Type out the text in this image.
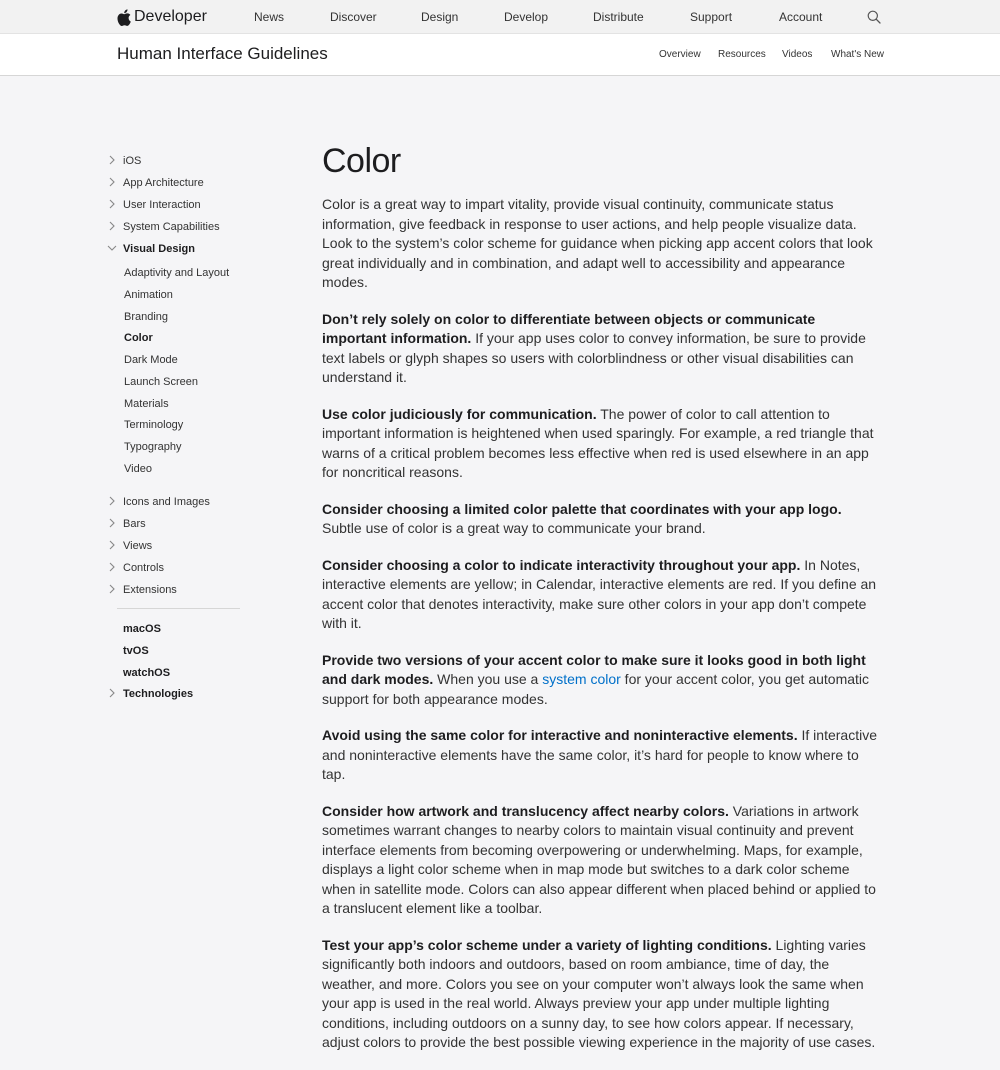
Developer	News	Discover	Design	Develop	Distribute	Support	Account
Human Interface Guidelines	Overview Resources Videos What's New
iOS
App Architecture
User Interaction
System Capabilities
Visual Design
Adaptivity and Layout
Animation
Branding
Color
Dark Mode
Launch Screen
Materials
Terminology
Typography
Video
Icons and Images
Bars
Views
Controls
Extensions
macOS
tvOS
watchOS
Technologies
Color

Color is a great way to impart vitality, provide visual continuity, communicate status information, give feedback in response to user actions, and help people visualize data. Look to the system’s color scheme for guidance when picking app accent colors that look great individually and in combination, and adapt well to accessibility and appearance modes.

Don’t rely solely on color to differentiate between objects or communicate important information. If your app uses color to convey information, be sure to provide text labels or glyph shapes so users with colorblindness or other visual disabilities can understand it.

Use color judiciously for communication. The power of color to call attention to important information is heightened when used sparingly. For example, a red triangle that warns of a critical problem becomes less effective when red is used elsewhere in an app for noncritical reasons.

Consider choosing a limited color palette that coordinates with your app logo. Subtle use of color is a great way to communicate your brand.

Consider choosing a color to indicate interactivity throughout your app. In Notes, interactive elements are yellow; in Calendar, interactive elements are red. If you define an accent color that denotes interactivity, make sure other colors in your app don’t compete with it.

Provide two versions of your accent color to make sure it looks good in both light and dark modes. When you use a system color for your accent color, you get automatic support for both appearance modes.

Avoid using the same color for interactive and noninteractive elements. If interactive and noninteractive elements have the same color, it’s hard for people to know where to tap.

Consider how artwork and translucency affect nearby colors. Variations in artwork sometimes warrant changes to nearby colors to maintain visual continuity and prevent interface elements from becoming overpowering or underwhelming. Maps, for example, displays a light color scheme when in map mode but switches to a dark color scheme when in satellite mode. Colors can also appear different when placed behind or applied to a translucent element like a toolbar.

Test your app’s color scheme under a variety of lighting conditions. Lighting varies significantly both indoors and outdoors, based on room ambiance, time of day, the weather, and more. Colors you see on your computer won’t always look the same when your app is used in the real world. Always preview your app under multiple lighting conditions, including outdoors on a sunny day, to see how colors appear. If necessary, adjust colors to provide the best possible viewing experience in the majority of use cases.
